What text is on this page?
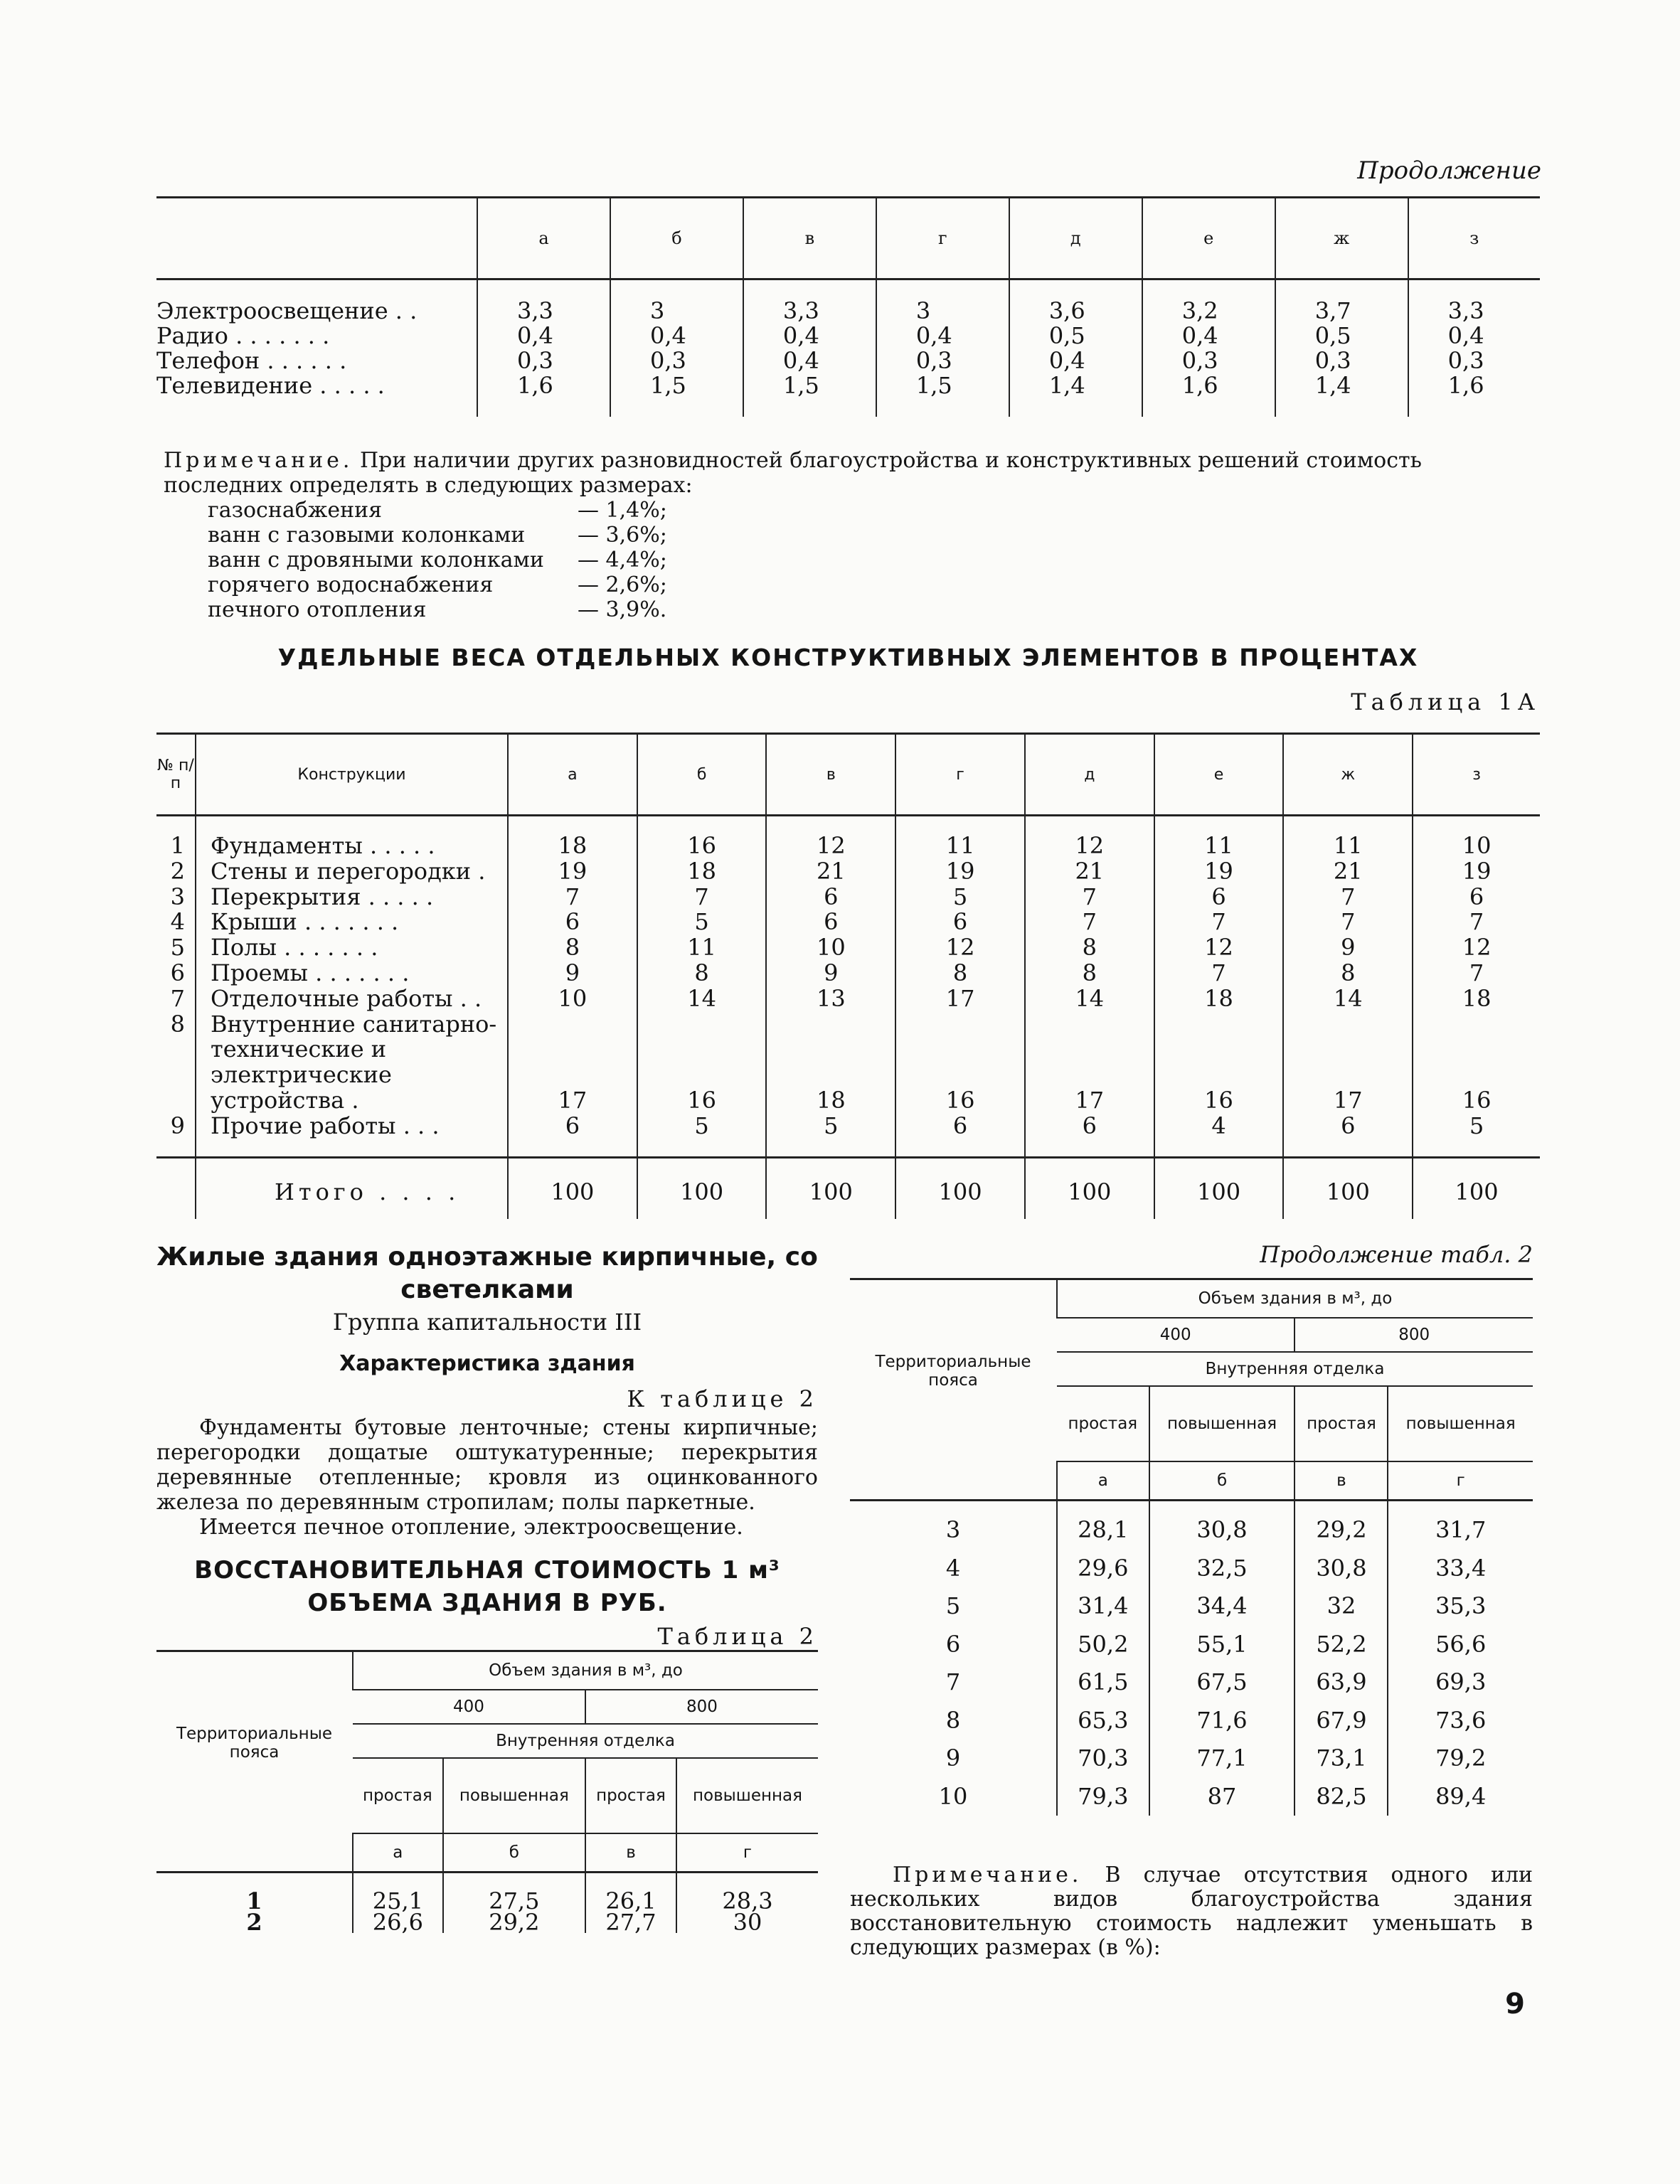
Продолжение
	а	б	в	г	д	е	ж	з
Электроосвещение . .	3,3	3	3,3	3	3,6	3,2	3,7	3,3
Радио . . . . . . .	0,4	0,4	0,4	0,4	0,5	0,4	0,5	0,4
Телефон . . . . . .	0,3	0,3	0,4	0,3	0,4	0,3	0,3	0,3
Телевидение . . . . .	1,6	1,5	1,5	1,5	1,4	1,6	1,4	1,6
Примечание. При наличии других разновидностей благоустройства и конструктивных решений стоимость последних определять в следующих размерах:
газоснабжения	— 1,4%;
ванн с газовыми колонками	— 3,6%;
ванн с дровяными колонками	— 4,4%;
горячего водоснабжения	— 2,6%;
печного отопления	— 3,9%.
УДЕЛЬНЫЕ ВЕСА ОТДЕЛЬНЫХ КОНСТРУКТИВНЫХ ЭЛЕМЕНТОВ В ПРОЦЕНТАХ
Таблица 1А
№ п/п	Конструкции	а	б	в	г	д	е	ж	з
1	Фундаменты . . . . .	18	16	12	11	12	11	11	10
2	Стены и перегородки .	19	18	21	19	21	19	21	19
3	Перекрытия . . . . .	7	7	6	5	7	6	7	6
4	Крыши . . . . . . .	6	5	6	6	7	7	7	7
5	Полы . . . . . . .	8	11	10	12	8	12	9	12
6	Проемы . . . . . . .	9	8	9	8	8	7	8	7
7	Отделочные работы . .	10	14	13	17	14	18	14	18
8	Внутренние санитарно-технические и электрические устройства .	17	16	18	16	17	16	17	16
9	Прочие работы . . .	6	5	5	6	6	4	6	5
	Итого . . . .	100	100	100	100	100	100	100	100
Жилые здания одноэтажные кирпичные, со светелками
Группа капитальности III
Характеристика здания
К таблице 2
Фундаменты бутовые ленточные; стены кирпичные; перегородки дощатые оштукатуренные; перекрытия деревянные отепленные; кровля из оцинкованного железа по деревянным стропилам; полы паркетные.
Имеется печное отопление, электроосвещение.
ВОССТАНОВИТЕЛЬНАЯ СТОИМОСТЬ 1 м³ ОБЪЕМА ЗДАНИЯ В РУБ.
Таблица 2
Территориальные пояса	Объем здания в м³, до			
	400		800	
	Внутренняя отделка			
	простая	повышенная	простая	повышенная
	а	б	в	г
1	25,1	27,5	26,1	28,3
2	26,6	29,2	27,7	30
Продолжение табл. 2
Территориальные пояса	Объем здания в м³, до			
	400		800	
	Внутренняя отделка			
	простая	повышенная	простая	повышенная
	а	б	в	г
3	28,1	30,8	29,2	31,7
4	29,6	32,5	30,8	33,4
5	31,4	34,4	32	35,3
6	50,2	55,1	52,2	56,6
7	61,5	67,5	63,9	69,3
8	65,3	71,6	67,9	73,6
9	70,3	77,1	73,1	79,2
10	79,3	87	82,5	89,4
Примечание. В случае отсутствия одного или нескольких видов благоустройства здания восстановительную стоимость надлежит уменьшать в следующих размерах (в %):
9
